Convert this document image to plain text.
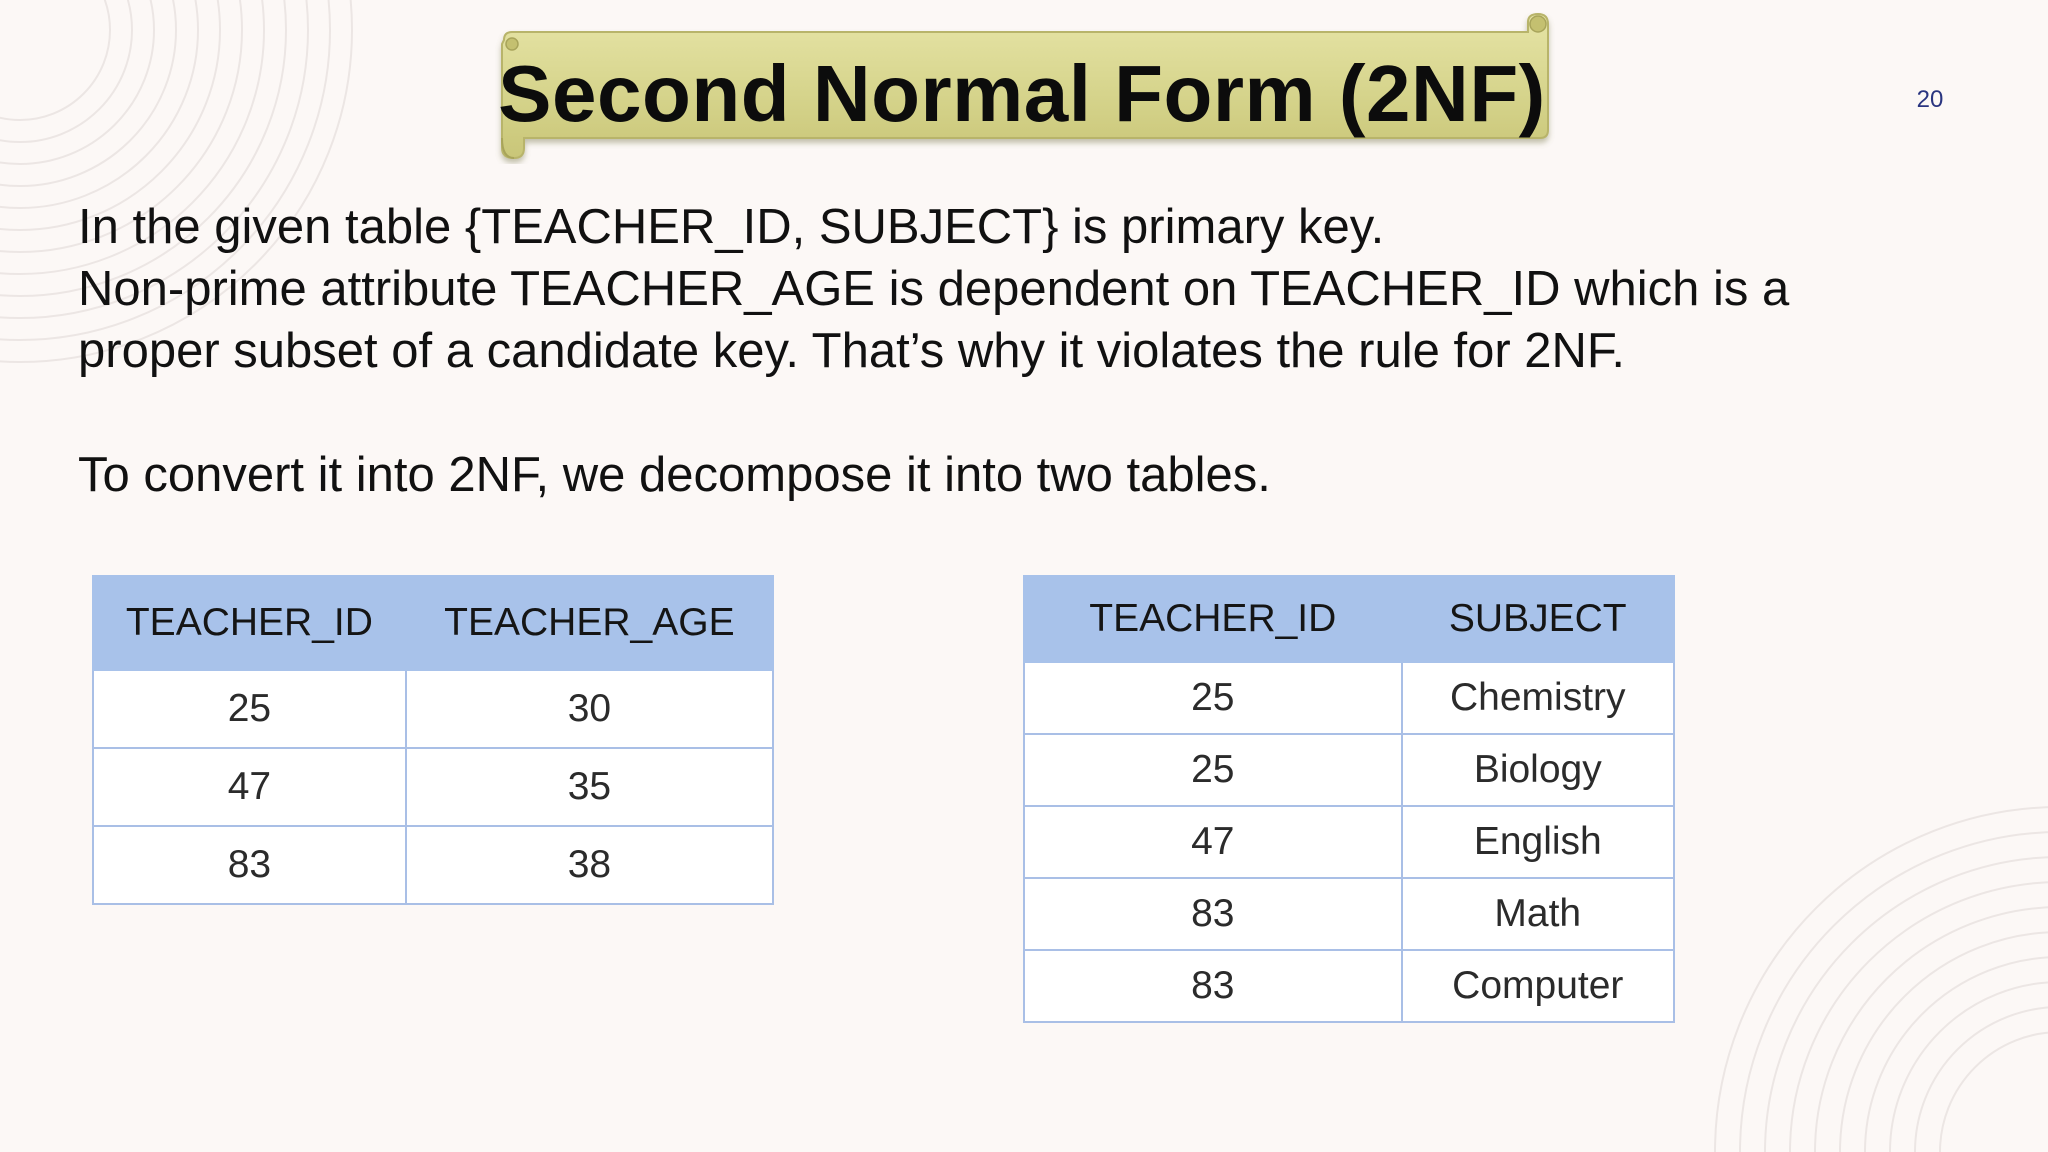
Second Normal Form (2NF)	20

In the given table {TEACHER_ID, SUBJECT} is primary key.

Non-prime attribute TEACHER_AGE is dependent on TEACHER_ID which is a

proper subset of a candidate key. That’s why it violates the rule for 2NF.

To convert it into 2NF, we decompose it into two tables.

TEACHER_ID	TEACHER_AGE
25	30
47	35
83	38
TEACHER_ID	SUBJECT
25	Chemistry
25	Biology
47	English
83	Math
83	Computer
